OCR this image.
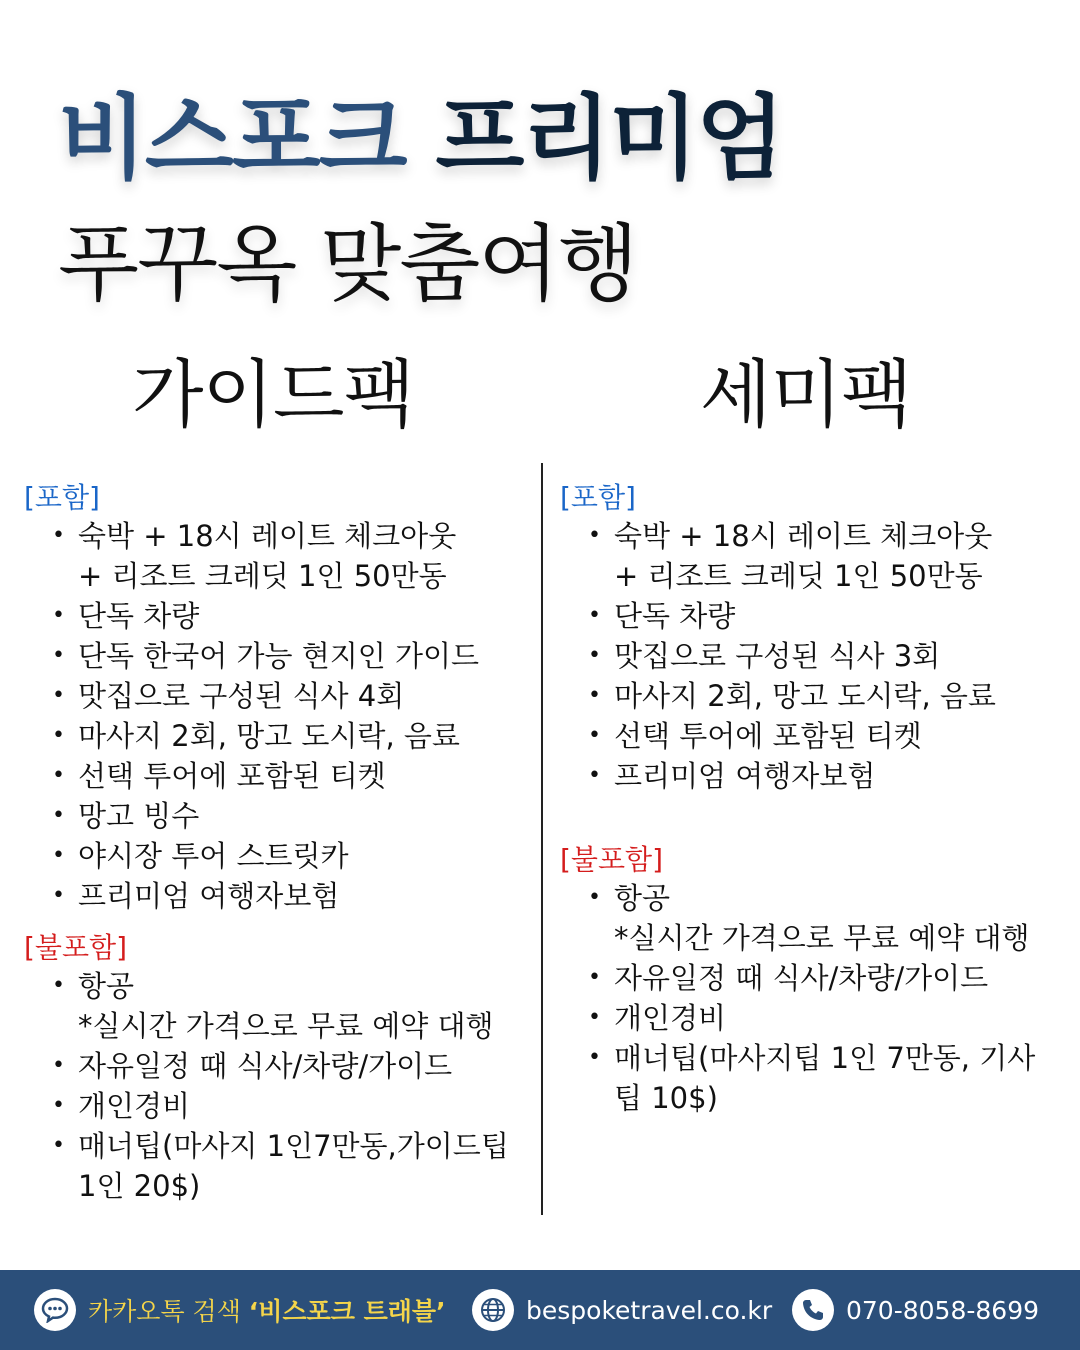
비스포크 프리미엄
푸꾸옥 맞춤여행
가이드팩	세미팩
[포함]
• 숙박 + 18시 레이트 체크아웃
+ 리조트 크레딧 1인 50만동
• 단독 차량
• 단독 한국어 가능 현지인 가이드
• 맛집으로 구성된 식사 4회
• 마사지 2회, 망고 도시락, 음료
• 선택 투어에 포함된 티켓
• 망고 빙수
• 야시장 투어 스트릿카
• 프리미엄 여행자보험
[불포함]
• 항공
*실시간 가격으로 무료 예약 대행
• 자유일정 때 식사/차량/가이드
• 개인경비
• 매너팁(마사지 1인7만동,가이드팁
1인 20$)
[포함]
• 숙박 + 18시 레이트 체크아웃
+ 리조트 크레딧 1인 50만동
• 단독 차량
• 맛집으로 구성된 식사 3회
• 마사지 2회, 망고 도시락, 음료
• 선택 투어에 포함된 티켓
• 프리미엄 여행자보험
[불포함]
• 항공
*실시간 가격으로 무료 예약 대행
• 자유일정 때 식사/차량/가이드
• 개인경비
• 매너팁(마사지팁 1인 7만동, 기사
팁 10$)
카카오톡 검색 ‘비스포크 트래블’	bespoketravel.co.kr	070-8058-8699
